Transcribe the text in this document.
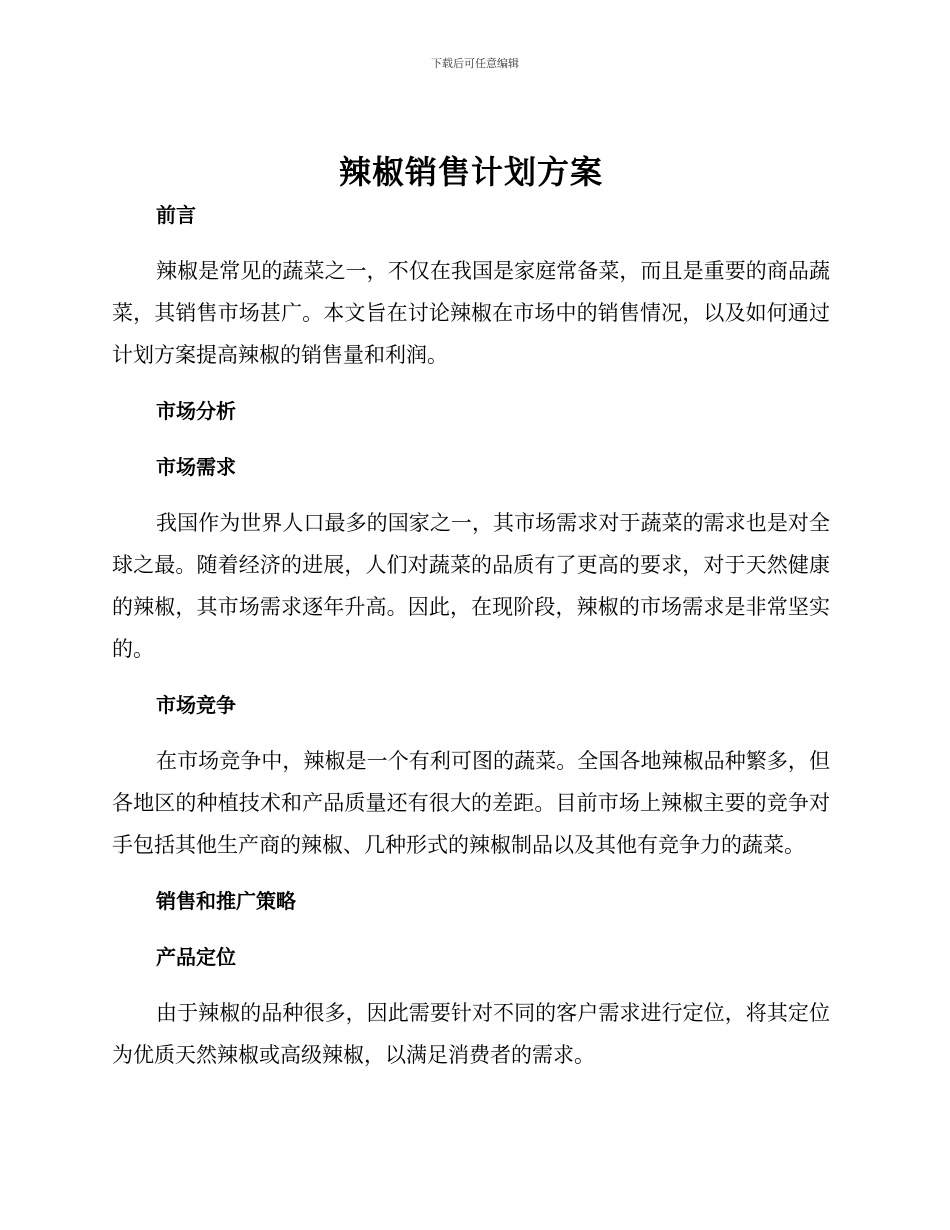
下载后可任意编辑
辣椒销售计划方案

前言

辣椒是常见的蔬菜之一，不仅在我国是家庭常备菜，而且是重要的商品蔬菜，其销售市场甚广。本文旨在讨论辣椒在市场中的销售情况，以及如何通过计划方案提高辣椒的销售量和利润。

市场分析

市场需求

我国作为世界人口最多的国家之一，其市场需求对于蔬菜的需求也是对全球之最。随着经济的进展，人们对蔬菜的品质有了更高的要求，对于天然健康的辣椒，其市场需求逐年升高。因此，在现阶段，辣椒的市场需求是非常坚实的。

市场竞争

在市场竞争中，辣椒是一个有利可图的蔬菜。全国各地辣椒品种繁多，但各地区的种植技术和产品质量还有很大的差距。目前市场上辣椒主要的竞争对手包括其他生产商的辣椒、几种形式的辣椒制品以及其他有竞争力的蔬菜。

销售和推广策略

产品定位

由于辣椒的品种很多，因此需要针对不同的客户需求进行定位，将其定位为优质天然辣椒或高级辣椒，以满足消费者的需求。
